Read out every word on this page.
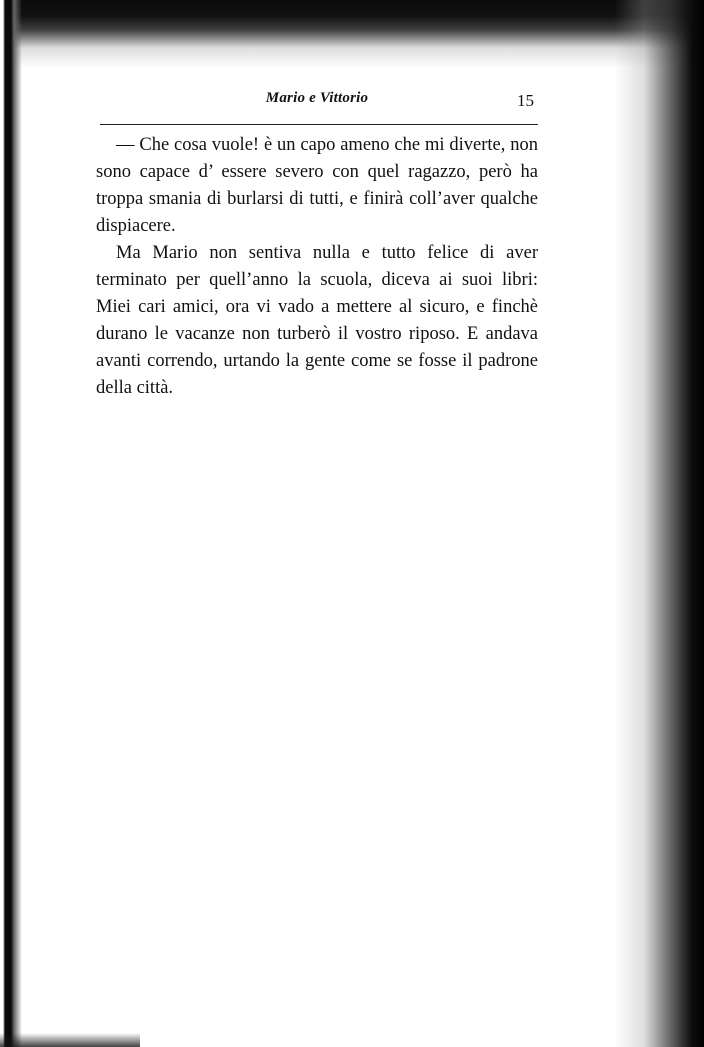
Mario e Vittorio	15

— Che cosa vuole! è un capo ameno che mi diverte, non sono capace d’ essere severo con quel ragazzo, però ha troppa smania di burlarsi di tutti, e finirà coll’aver qualche dispiacere.

Ma Mario non sentiva nulla e tutto felice di aver terminato per quell’anno la scuola, diceva ai suoi libri: Miei cari amici, ora vi vado a mettere al sicuro, e finchè durano le vacanze non turberò il vostro riposo. E andava avanti correndo, urtando la gente come se fosse il padrone della città.
